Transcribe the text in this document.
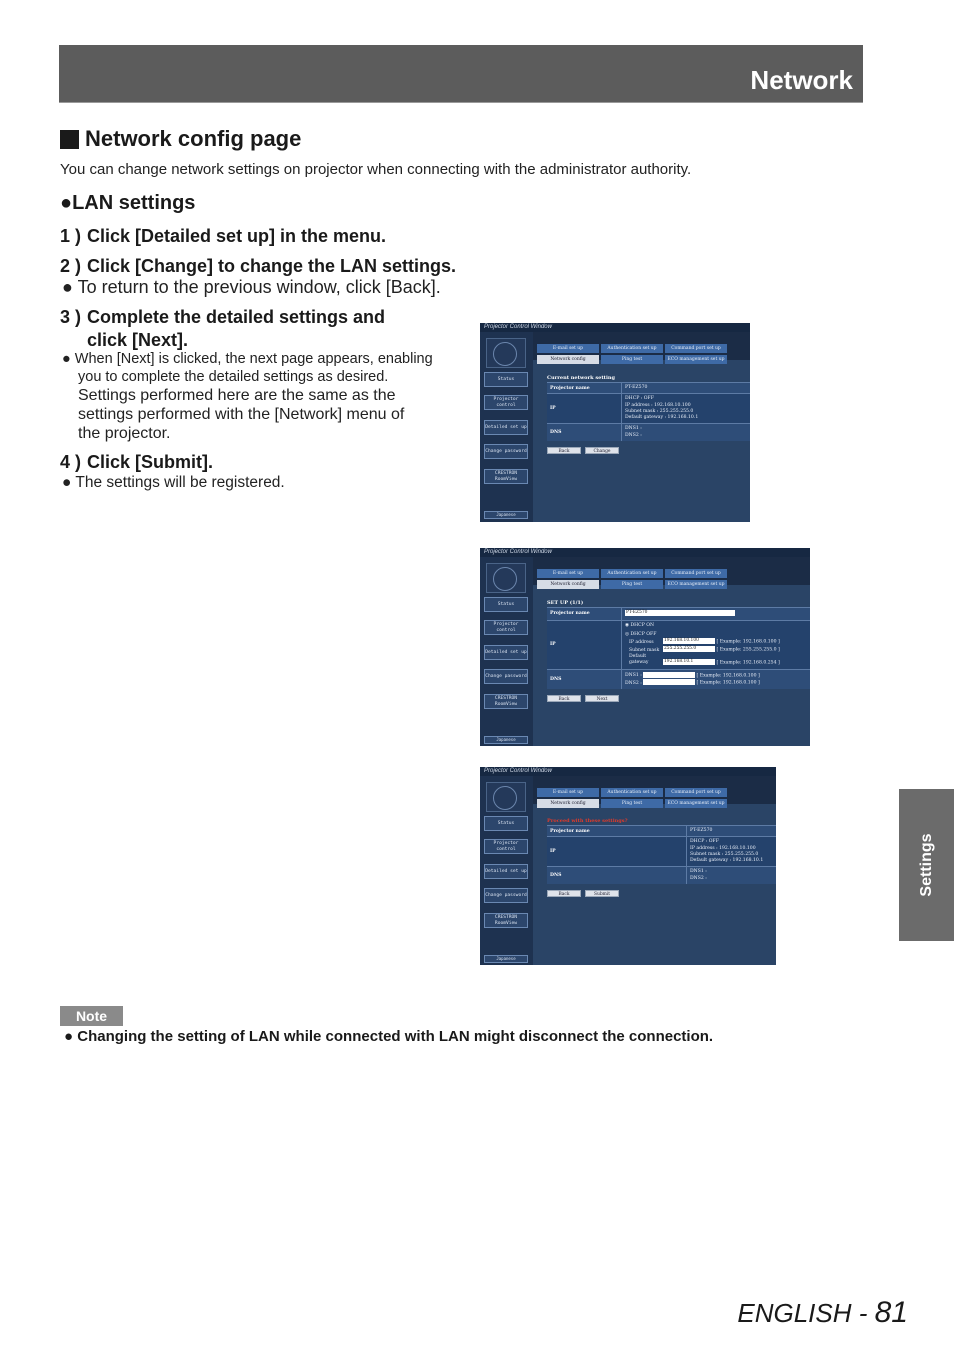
Network
Network config page
You can change network settings on projector when connecting with the administrator authority.
●LAN settings
1 ) Click [Detailed set up] in the menu.
2 ) Click [Change] to change the LAN settings.
● To return to the previous window, click [Back].
3 ) Complete the detailed settings and
click [Next].
● When [Next] is clicked, the next page appears, enabling
you to complete the detailed settings as desired.
Settings performed here are the same as the
settings performed with the [Network] menu of
the projector.
4 ) Click [Submit].
● The settings will be registered.
Projector Control Window
Status
Projector control
Detailed set up
Change password
CRESTRON RoomView
Japanese
E-mail set up	Authentication set up	Command port set up
Network config	Ping test	ECO management set up
Current network setting
Projector name	PT-EZ570
IP
DHCP : OFF
IP address : 192.168.10.100
Subnet mask : 255.255.255.0
Default gateway : 192.168.10.1
DNS
DNS1 :
DNS2 :
Back	Change
Projector Control Window
Status
Projector control
Detailed set up
Change password
CRESTRON RoomView
Japanese
E-mail set up	Authentication set up	Command port set up
Network config	Ping test	ECO management set up
SET UP (1/1)
Projector name	PT-EZ570
IP
◉ DHCP ON
◎ DHCP OFF
IP address 192.168.10.100	[ Example: 192.168.0.100 ]
Subnet mask 255.255.255.0	[ Example: 255.255.255.0 ]
Default gateway	192.168.10.1	[ Example: 192.168.0.254 ]
DNS
DNS1 :	[ Example: 192.168.0.100 ]
DNS2 :	[ Example: 192.168.0.100 ]
Back	Next
Projector Control Window
Status
Projector control
Detailed set up
Change password
CRESTRON RoomView
Japanese
E-mail set up	Authentication set up	Command port set up
Network config	Ping test	ECO management set up
Proceed with these settings?
Projector name	PT-EZ570
IP
DHCP : OFF
IP address : 192.168.10.100
Subnet mask : 255.255.255.0
Default gateway : 192.168.10.1
DNS
DNS1 :
DNS2 :
Back	Submit	Settings
Note
● Changing the setting of LAN while connected with LAN might disconnect the connection.
ENGLISH - 81
